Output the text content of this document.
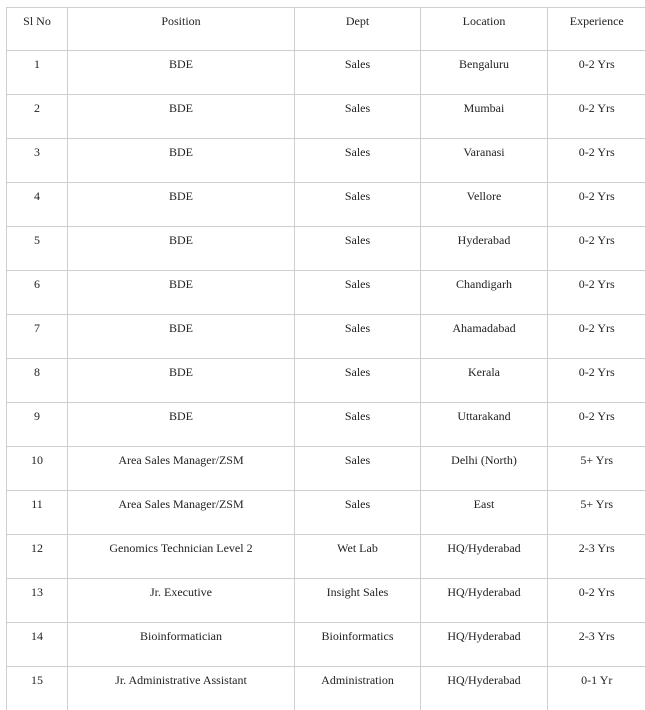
Sl No	Position	Dept	Location	Experience
1	BDE	Sales	Bengaluru	0-2 Yrs
2	BDE	Sales	Mumbai	0-2 Yrs
3	BDE	Sales	Varanasi	0-2 Yrs
4	BDE	Sales	Vellore	0-2 Yrs
5	BDE	Sales	Hyderabad	0-2 Yrs
6	BDE	Sales	Chandigarh	0-2 Yrs
7	BDE	Sales	Ahamadabad	0-2 Yrs
8	BDE	Sales	Kerala	0-2 Yrs
9	BDE	Sales	Uttarakand	0-2 Yrs
10	Area Sales Manager/ZSM	Sales	Delhi (North)	5+ Yrs
11	Area Sales Manager/ZSM	Sales	East	5+ Yrs
12	Genomics Technician Level 2	Wet Lab	HQ/Hyderabad	2-3 Yrs
13	Jr. Executive	Insight Sales	HQ/Hyderabad	0-2 Yrs
14	Bioinformatician	Bioinformatics	HQ/Hyderabad	2-3 Yrs
15	Jr. Administrative Assistant	Administration	HQ/Hyderabad	0-1 Yr
